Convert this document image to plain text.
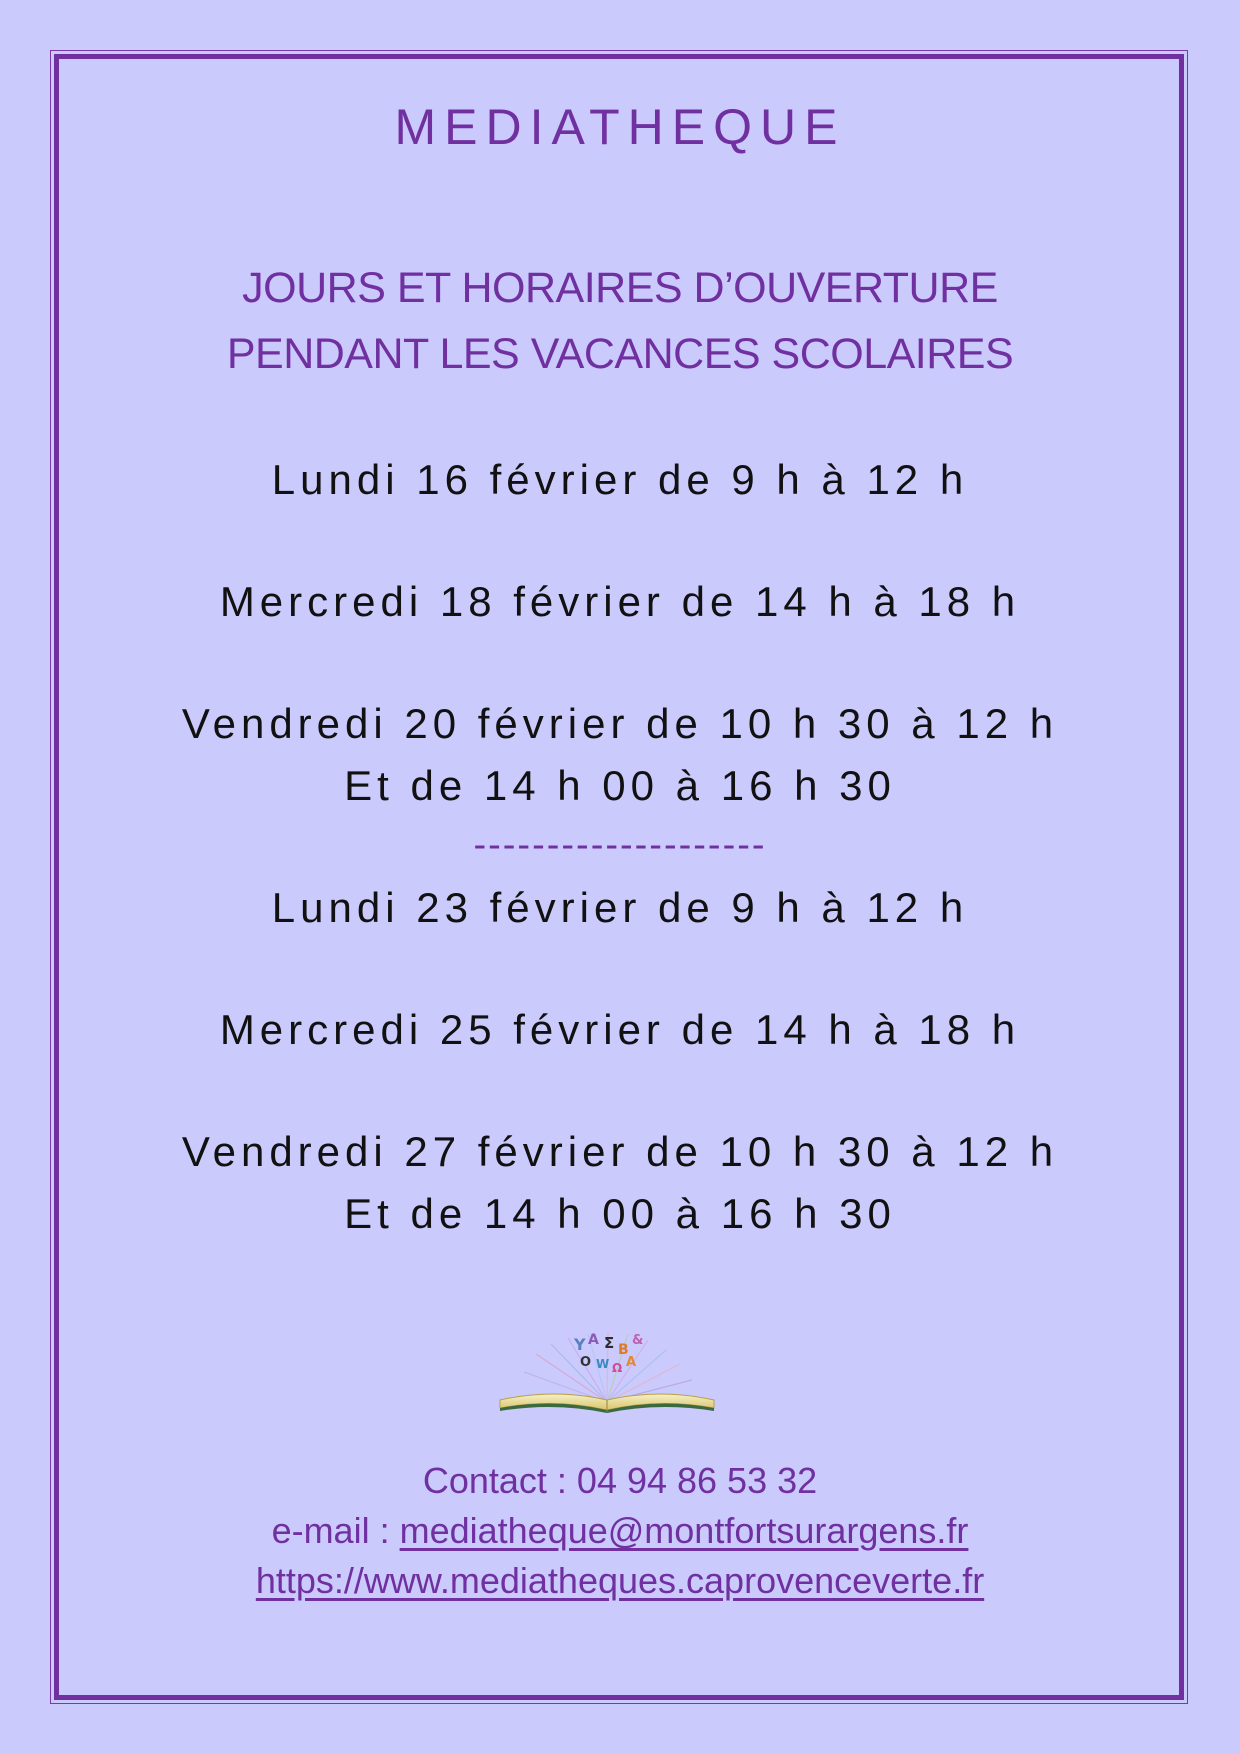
MEDIATHEQUE
JOURS ET HORAIRES D’OUVERTURE
PENDANT LES VACANCES SCOLAIRES
Lundi 16 février de 9 h à 12 h
Mercredi 18 février de 14 h à 18 h
Vendredi 20 février de 10 h 30 à 12 h
Et de 14 h 00 à 16 h 30
--------------------
Lundi 23 février de 9 h à 12 h
Mercredi 25 février de 14 h à 18 h
Vendredi 27 février de 10 h 30 à 12 h
Et de 14 h 00 à 16 h 30
Y A Ʃ B
&
O W Ω A
Contact : 04 94 86 53 32
e-mail : mediatheque@montfortsurargens.fr
https://www.mediatheques.caprovenceverte.fr
